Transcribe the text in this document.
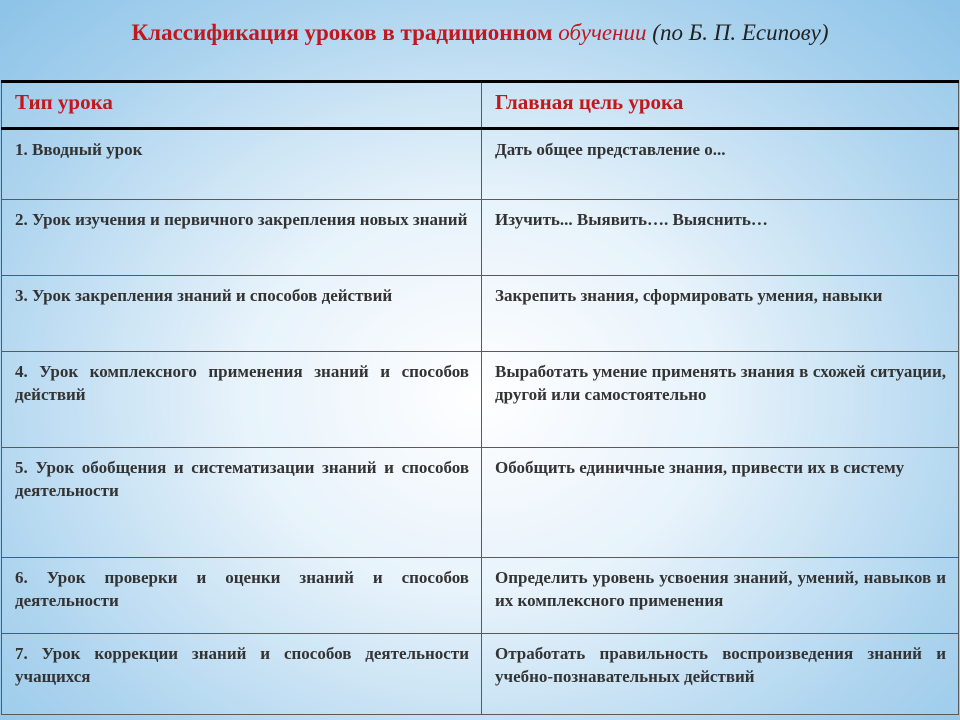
Классификация уроков в традиционном обучении (по Б. П. Есипову)
Тип урока	Главная цель урока
1. Вводный урок	Дать общее представление о...
2. Урок изучения и первичного закрепления новых знаний	Изучить... Выявить…. Выяснить…
3. Урок закрепления знаний и способов действий	Закрепить знания, сформировать умения, навыки
4. Урок комплексного применения знаний и способов действий	Выработать умение применять знания в схожей ситуации, другой или самостоятельно
5. Урок обобщения и систематизации знаний и способов деятельности	Обобщить единичные знания, привести их в систему
6. Урок проверки и оценки знаний и способов деятельности	Определить уровень усвоения знаний, умений, навыков и их комплексного применения
7. Урок коррекции знаний и способов деятельности учащихся	Отработать правильность воспроизведения знаний и учебно-познавательных действий
